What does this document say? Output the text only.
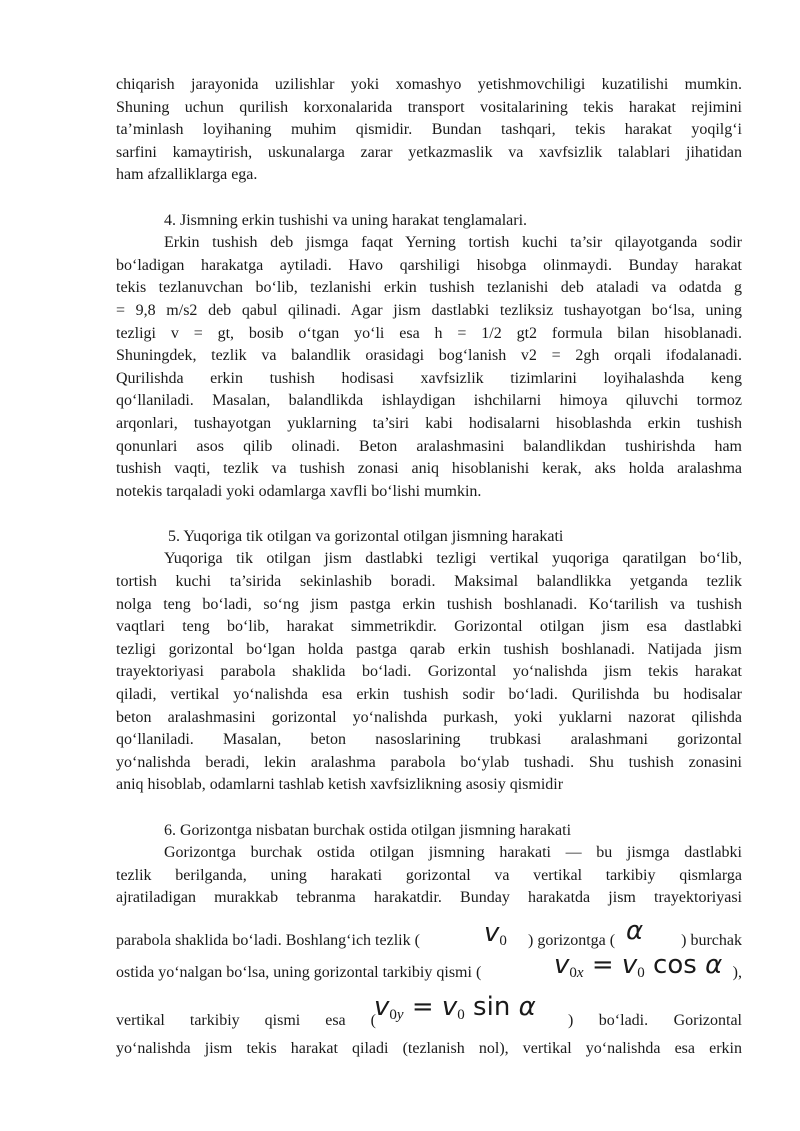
chiqarish jarayonida uzilishlar yoki xomashyo yetishmovchiligi kuzatilishi mumkin.
Shuning uchun qurilish korxonalarida transport vositalarining tekis harakat rejimini
ta’minlash loyihaning muhim qismidir. Bundan tashqari, tekis harakat yoqilg‘i
sarfini kamaytirish, uskunalarga zarar yetkazmaslik va xavfsizlik talablari jihatidan
ham afzalliklarga ega.
4. Jismning erkin tushishi va uning harakat tenglamalari.
Erkin tushish deb jismga faqat Yerning tortish kuchi ta’sir qilayotganda sodir
bo‘ladigan harakatga aytiladi. Havo qarshiligi hisobga olinmaydi. Bunday harakat
tekis tezlanuvchan bo‘lib, tezlanishi erkin tushish tezlanishi deb ataladi va odatda g
= 9,8 m/s2 deb qabul qilinadi. Agar jism dastlabki tezliksiz tushayotgan bo‘lsa, uning
tezligi v = gt, bosib o‘tgan yo‘li esa h = 1/2 gt2 formula bilan hisoblanadi.
Shuningdek, tezlik va balandlik orasidagi bog‘lanish v2 = 2gh orqali ifodalanadi.
Qurilishda erkin tushish hodisasi xavfsizlik tizimlarini loyihalashda keng
qo‘llaniladi. Masalan, balandlikda ishlaydigan ishchilarni himoya qiluvchi tormoz
arqonlari, tushayotgan yuklarning ta’siri kabi hodisalarni hisoblashda erkin tushish
qonunlari asos qilib olinadi. Beton aralashmasini balandlikdan tushirishda ham
tushish vaqti, tezlik va tushish zonasi aniq hisoblanishi kerak, aks holda aralashma
notekis tarqaladi yoki odamlarga xavfli bo‘lishi mumkin.
5. Yuqoriga tik otilgan va gorizontal otilgan jismning harakati
Yuqoriga tik otilgan jism dastlabki tezligi vertikal yuqoriga qaratilgan bo‘lib,
tortish kuchi ta’sirida sekinlashib boradi. Maksimal balandlikka yetganda tezlik
nolga teng bo‘ladi, so‘ng jism pastga erkin tushish boshlanadi. Ko‘tarilish va tushish
vaqtlari teng bo‘lib, harakat simmetrikdir. Gorizontal otilgan jism esa dastlabki
tezligi gorizontal bo‘lgan holda pastga qarab erkin tushish boshlanadi. Natijada jism
trayektoriyasi parabola shaklida bo‘ladi. Gorizontal yo‘nalishda jism tekis harakat
qiladi, vertikal yo‘nalishda esa erkin tushish sodir bo‘ladi. Qurilishda bu hodisalar
beton aralashmasini gorizontal yo‘nalishda purkash, yoki yuklarni nazorat qilishda
qo‘llaniladi. Masalan, beton nasoslarining trubkasi aralashmani gorizontal
yo‘nalishda beradi, lekin aralashma parabola bo‘ylab tushadi. Shu tushish zonasini
aniq hisoblab, odamlarni tashlab ketish xavfsizlikning asosiy qismidir
6. Gorizontga nisbatan burchak ostida otilgan jismning harakati
Gorizontga burchak ostida otilgan jismning harakati — bu jismga dastlabki
tezlik berilganda, uning harakati gorizontal va vertikal tarkibiy qismlarga
ajratiladigan murakkab tebranma harakatdir. Bunday harakatda jism trayektoriyasi
parabola shaklida bo‘ladi. Boshlang‘ich tezlik ( v0 ) gorizontga ( α ) burchak
ostida yo‘nalgan bo‘lsa, uning gorizontal tarkibiy qismi (	v0x = v0 cos α ),
vertikal tarkibiy qismi esa (
v0y = v0 sin α ) bo‘ladi. Gorizontal
yo‘nalishda jism tekis harakat qiladi (tezlanish nol), vertikal yo‘nalishda esa erkin
